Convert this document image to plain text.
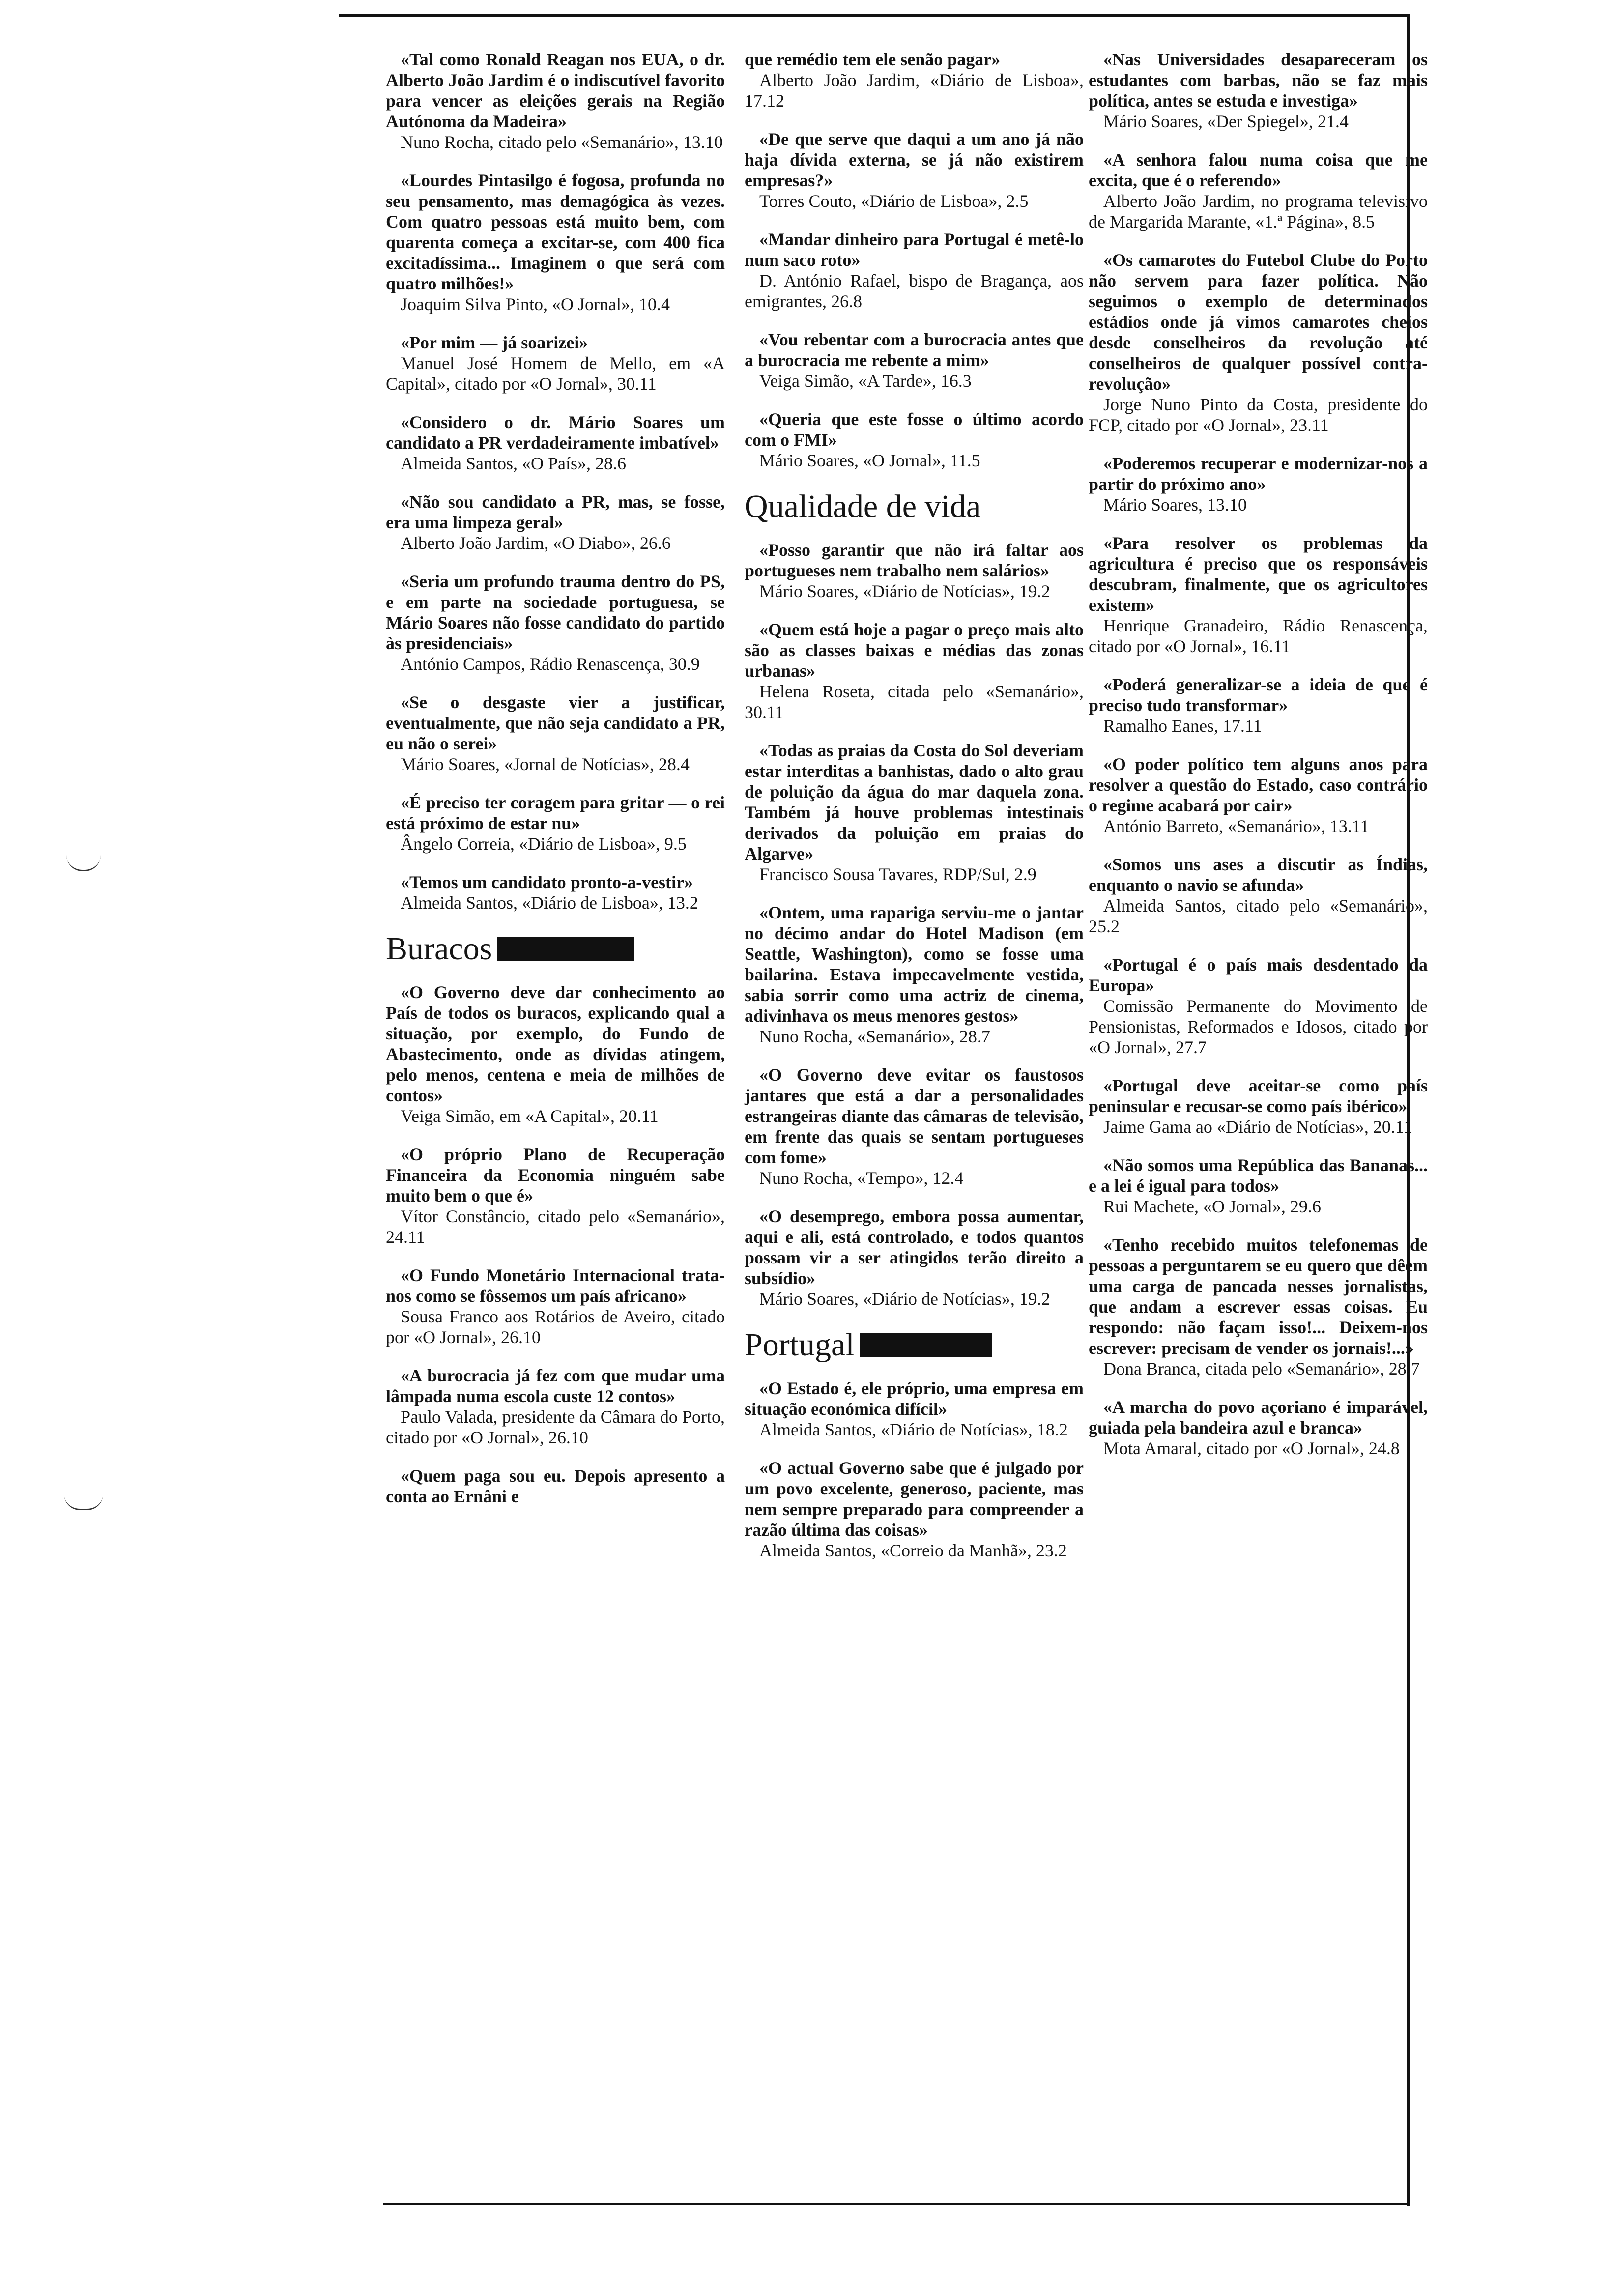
«Tal como Ronald Reagan nos EUA, o dr. Alberto João Jardim é o indiscutível favorito para vencer as eleições gerais na Região Autónoma da Madeira»

Nuno Rocha, citado pelo «Semanário», 13.10

«Lourdes Pintasilgo é fogosa, profunda no seu pensamento, mas demagógica às vezes. Com quatro pessoas está muito bem, com quarenta começa a excitar-se, com 400 fica excitadíssima... Imaginem o que será com quatro milhões!»

Joaquim Silva Pinto, «O Jornal», 10.4

«Por mim — já soarizei»

Manuel José Homem de Mello, em «A Capital», citado por «O Jornal», 30.11

«Considero o dr. Mário Soares um candidato a PR verdadeiramente imbatível»

Almeida Santos, «O País», 28.6

«Não sou candidato a PR, mas, se fosse, era uma limpeza geral»

Alberto João Jardim, «O Diabo», 26.6

«Seria um profundo trauma dentro do PS, e em parte na sociedade portuguesa, se Mário Soares não fosse candidato do partido às presidenciais»

António Campos, Rádio Renascença, 30.9

«Se o desgaste vier a justificar, eventualmente, que não seja candidato a PR, eu não o serei»

Mário Soares, «Jornal de Notícias», 28.4

«É preciso ter coragem para gritar — o rei está próximo de estar nu»

Ângelo Correia, «Diário de Lisboa», 9.5

«Temos um candidato pronto-a-vestir»

Almeida Santos, «Diário de Lisboa», 13.2

Buracos

«O Governo deve dar conhecimento ao País de todos os buracos, explicando qual a situação, por exemplo, do Fundo de Abastecimento, onde as dívidas atingem, pelo menos, centena e meia de milhões de contos»

Veiga Simão, em «A Capital», 20.11

«O próprio Plano de Recuperação Financeira da Economia ninguém sabe muito bem o que é»

Vítor Constâncio, citado pelo «Semanário», 24.11

«O Fundo Monetário Internacional trata-nos como se fôssemos um país africano»

Sousa Franco aos Rotários de Aveiro, citado por «O Jornal», 26.10

«A burocracia já fez com que mudar uma lâmpada numa escola custe 12 contos»

Paulo Valada, presidente da Câmara do Porto, citado por «O Jornal», 26.10

«Quem paga sou eu. Depois apresento a conta ao Ernâni e

que remédio tem ele senão pagar»

Alberto João Jardim, «Diário de Lisboa», 17.12

«De que serve que daqui a um ano já não haja dívida externa, se já não existirem empresas?»

Torres Couto, «Diário de Lisboa», 2.5

«Mandar dinheiro para Portugal é metê-lo num saco roto»

D. António Rafael, bispo de Bragança, aos emigrantes, 26.8

«Vou rebentar com a burocracia antes que a burocracia me rebente a mim»

Veiga Simão, «A Tarde», 16.3

«Queria que este fosse o último acordo com o FMI»

Mário Soares, «O Jornal», 11.5

Qualidade de vida

«Posso garantir que não irá faltar aos portugueses nem trabalho nem salários»

Mário Soares, «Diário de Notícias», 19.2

«Quem está hoje a pagar o preço mais alto são as classes baixas e médias das zonas urbanas»

Helena Roseta, citada pelo «Semanário», 30.11

«Todas as praias da Costa do Sol deveriam estar interditas a banhistas, dado o alto grau de poluição da água do mar daquela zona. Também já houve problemas intestinais derivados da poluição em praias do Algarve»

Francisco Sousa Tavares, RDP/Sul, 2.9

«Ontem, uma rapariga serviu-me o jantar no décimo andar do Hotel Madison (em Seattle, Washington), como se fosse uma bailarina. Estava impecavelmente vestida, sabia sorrir como uma actriz de cinema, adivinhava os meus menores gestos»

Nuno Rocha, «Semanário», 28.7

«O Governo deve evitar os faustosos jantares que está a dar a personalidades estrangeiras diante das câmaras de televisão, em frente das quais se sentam portugueses com fome»

Nuno Rocha, «Tempo», 12.4

«O desemprego, embora possa aumentar, aqui e ali, está controlado, e todos quantos possam vir a ser atingidos terão direito a subsídio»

Mário Soares, «Diário de Notícias», 19.2

Portugal

«O Estado é, ele próprio, uma empresa em situação económica difícil»

Almeida Santos, «Diário de Notícias», 18.2

«O actual Governo sabe que é julgado por um povo excelente, generoso, paciente, mas nem sempre preparado para compreender a razão última das coisas»

Almeida Santos, «Correio da Manhã», 23.2

«Nas Universidades desapareceram os estudantes com barbas, não se faz mais política, antes se estuda e investiga»

Mário Soares, «Der Spiegel», 21.4

«A senhora falou numa coisa que me excita, que é o referendo»

Alberto João Jardim, no programa televisivo de Margarida Marante, «1.ª Página», 8.5

«Os camarotes do Futebol Clube do Porto não servem para fazer política. Não seguimos o exemplo de determinados estádios onde já vimos camarotes cheios desde conselheiros da revolução até conselheiros de qualquer possível contra-revolução»

Jorge Nuno Pinto da Costa, presidente do FCP, citado por «O Jornal», 23.11

«Poderemos recuperar e modernizar-nos a partir do próximo ano»

Mário Soares, 13.10

«Para resolver os problemas da agricultura é preciso que os responsáveis descubram, finalmente, que os agricultores existem»

Henrique Granadeiro, Rádio Renascença, citado por «O Jornal», 16.11

«Poderá generalizar-se a ideia de que é preciso tudo transformar»

Ramalho Eanes, 17.11

«O poder político tem alguns anos para resolver a questão do Estado, caso contrário o regime acabará por cair»

António Barreto, «Semanário», 13.11

«Somos uns ases a discutir as Índias, enquanto o navio se afunda»

Almeida Santos, citado pelo «Semanário», 25.2

«Portugal é o país mais desdentado da Europa»

Comissão Permanente do Movimento de Pensionistas, Reformados e Idosos, citado por «O Jornal», 27.7

«Portugal deve aceitar-se como país peninsular e recusar-se como país ibérico»

Jaime Gama ao «Diário de Notícias», 20.11

«Não somos uma República das Bananas... e a lei é igual para todos»

Rui Machete, «O Jornal», 29.6

«Tenho recebido muitos telefonemas de pessoas a perguntarem se eu quero que dêem uma carga de pancada nesses jornalistas, que andam a escrever essas coisas. Eu respondo: não façam isso!... Deixem-nos escrever: precisam de vender os jornais!...»

Dona Branca, citada pelo «Semanário», 28.7

«A marcha do povo açoriano é imparável, guiada pela bandeira azul e branca»

Mota Amaral, citado por «O Jornal», 24.8
